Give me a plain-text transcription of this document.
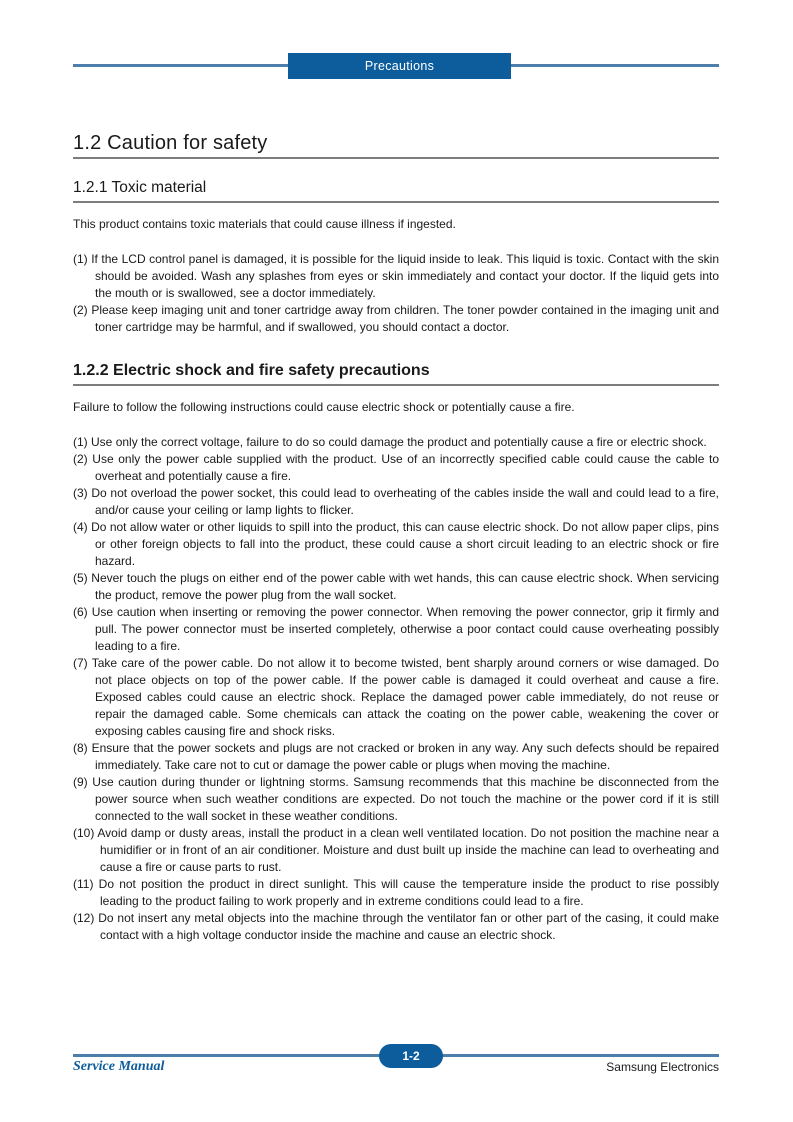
Precautions
1.2 Caution for safety
1.2.1 Toxic material

This product contains toxic materials that could cause illness if ingested.

(1) If the LCD control panel is damaged, it is possible for the liquid inside to leak. This liquid is toxic. Contact with the skin should be avoided. Wash any splashes from eyes or skin immediately and contact your doctor. If the liquid gets into the mouth or is swallowed, see a doctor immediately.
(2) Please keep imaging unit and toner cartridge away from children. The toner powder contained in the imaging unit and toner cartridge may be harmful, and if swallowed, you should contact a doctor.
1.2.2 Electric shock and fire safety precautions

Failure to follow the following instructions could cause electric shock or potentially cause a fire.

(1) Use only the correct voltage, failure to do so could damage the product and potentially cause a fire or electric shock.
(2) Use only the power cable supplied with the product. Use of an incorrectly specified cable could cause the cable to overheat and potentially cause a fire.
(3) Do not overload the power socket, this could lead to overheating of the cables inside the wall and could lead to a fire, and/or cause your ceiling or lamp lights to flicker.
(4) Do not allow water or other liquids to spill into the product, this can cause electric shock. Do not allow paper clips, pins or other foreign objects to fall into the product, these could cause a short circuit leading to an electric shock or fire hazard.
(5) Never touch the plugs on either end of the power cable with wet hands, this can cause electric shock. When servicing the product, remove the power plug from the wall socket.
(6) Use caution when inserting or removing the power connector. When removing the power connector, grip it firmly and pull. The power connector must be inserted completely, otherwise a poor contact could cause overheating possibly leading to a fire.
(7) Take care of the power cable. Do not allow it to become twisted, bent sharply around corners or wise damaged. Do not place objects on top of the power cable. If the power cable is damaged it could overheat and cause a fire. Exposed cables could cause an electric shock. Replace the damaged power cable immediately, do not reuse or repair the damaged cable. Some chemicals can attack the coating on the power cable, weakening the cover or exposing cables causing fire and shock risks.
(8) Ensure that the power sockets and plugs are not cracked or broken in any way. Any such defects should be repaired immediately. Take care not to cut or damage the power cable or plugs when moving the machine.
(9) Use caution during thunder or lightning storms. Samsung recommends that this machine be disconnected from the power source when such weather conditions are expected. Do not touch the machine or the power cord if it is still connected to the wall socket in these weather conditions.
(10) Avoid damp or dusty areas, install the product in a clean well ventilated location. Do not position the machine near a humidifier or in front of an air conditioner. Moisture and dust built up inside the machine can lead to overheating and cause a fire or cause parts to rust.
(11) Do not position the product in direct sunlight. This will cause the temperature inside the product to rise possibly leading to the product failing to work properly and in extreme conditions could lead to a fire.
(12) Do not insert any metal objects into the machine through the ventilator fan or other part of the casing, it could make contact with a high voltage conductor inside the machine and cause an electric shock.
1-2
Service Manual	Samsung Electronics
